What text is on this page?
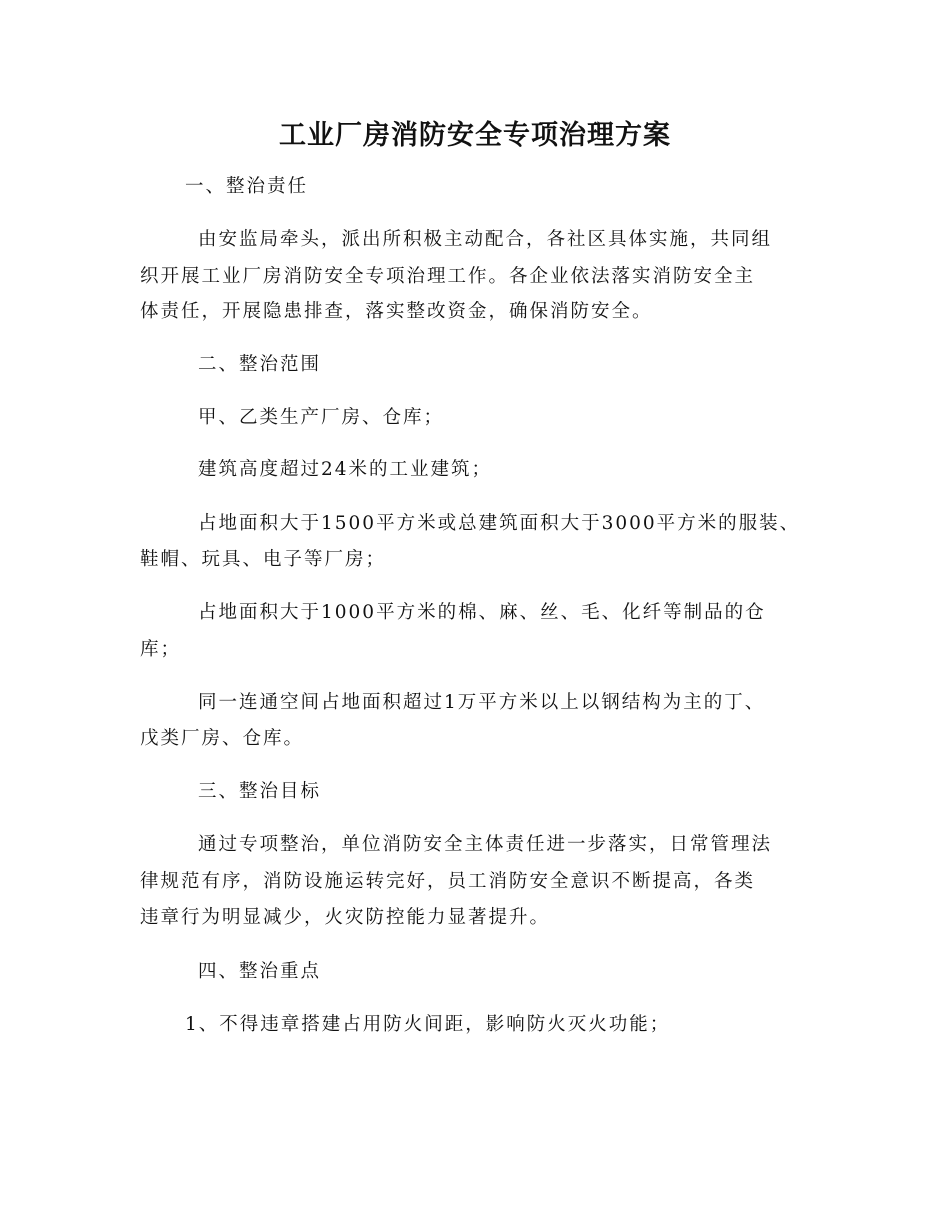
工业厂房消防安全专项治理方案

一、整治责任

由安监局牵头，派出所积极主动配合，各社区具体实施，共同组

织开展工业厂房消防安全专项治理工作。各企业依法落实消防安全主

体责任，开展隐患排查，落实整改资金，确保消防安全。

二、整治范围

甲、乙类生产厂房、仓库；

建筑高度超过24米的工业建筑；

占地面积大于1500平方米或总建筑面积大于3000平方米的服装、

鞋帽、玩具、电子等厂房；

占地面积大于1000平方米的棉、麻、丝、毛、化纤等制品的仓

库；

同一连通空间占地面积超过1万平方米以上以钢结构为主的丁、

戊类厂房、仓库。

三、整治目标

通过专项整治，单位消防安全主体责任进一步落实，日常管理法

律规范有序，消防设施运转完好，员工消防安全意识不断提高，各类

违章行为明显减少，火灾防控能力显著提升。

四、整治重点

1、不得违章搭建占用防火间距，影响防火灭火功能；
